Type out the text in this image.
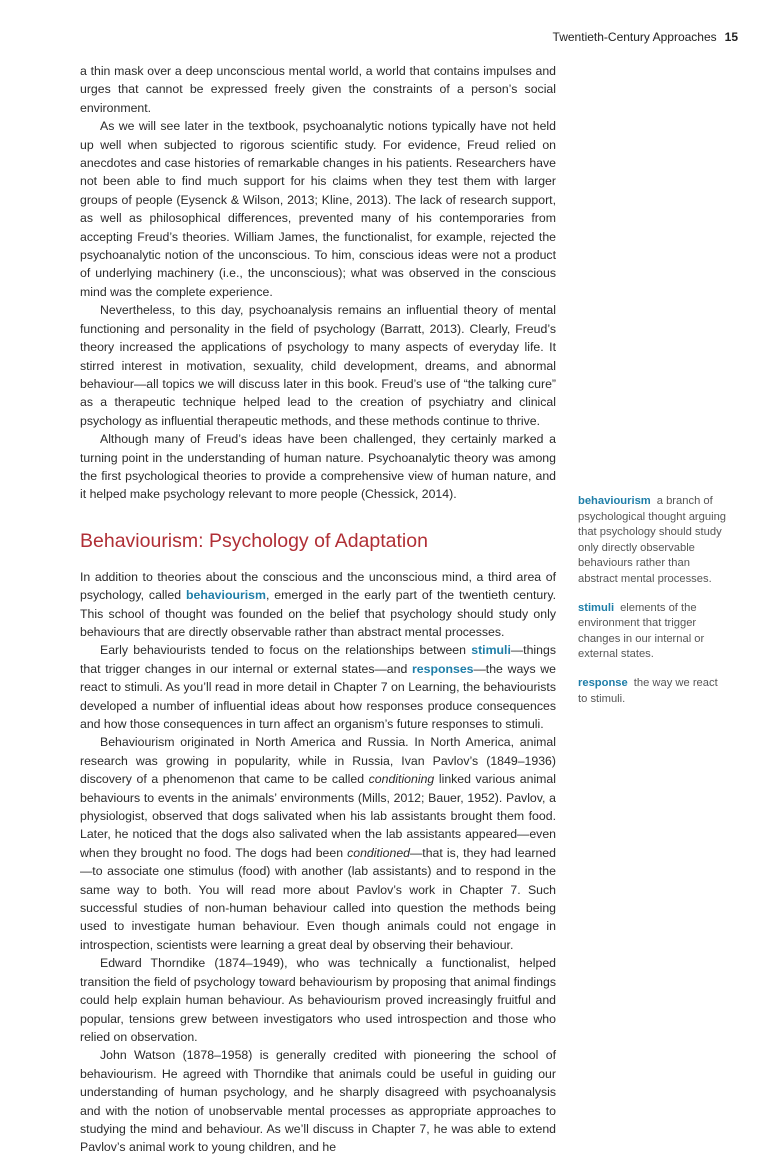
Twentieth-Century Approaches 15

a thin mask over a deep unconscious mental world, a world that contains impulses and urges that cannot be expressed freely given the constraints of a person’s social environment.

As we will see later in the textbook, psychoanalytic notions typically have not held up well when subjected to rigorous scientific study. For evidence, Freud relied on anecdotes and case histories of remarkable changes in his patients. Researchers have not been able to find much support for his claims when they test them with larger groups of people (Eysenck & Wilson, 2013; Kline, 2013). The lack of research support, as well as philosophical differences, prevented many of his contemporaries from accepting Freud’s theories. William James, the functionalist, for example, rejected the psychoanalytic notion of the unconscious. To him, conscious ideas were not a product of underlying machinery (i.e., the unconscious); what was observed in the conscious mind was the complete experience.

Nevertheless, to this day, psychoanalysis remains an influential theory of mental functioning and personality in the field of psychology (Barratt, 2013). Clearly, Freud’s theory increased the applications of psychology to many aspects of everyday life. It stirred interest in motivation, sexuality, child development, dreams, and abnormal behaviour—all topics we will discuss later in this book. Freud’s use of “the talking cure” as a therapeutic technique helped lead to the creation of psychiatry and clinical psychology as influential therapeutic methods, and these methods continue to thrive.

Although many of Freud’s ideas have been challenged, they certainly marked a turning point in the understanding of human nature. Psychoanalytic theory was among the first psychological theories to provide a comprehensive view of human nature, and it helped make psychology relevant to more people (Chessick, 2014).

Behaviourism: Psychology of Adaptation

In addition to theories about the conscious and the unconscious mind, a third area of psychology, called behaviourism, emerged in the early part of the twentieth century. This school of thought was founded on the belief that psychology should study only behaviours that are directly observable rather than abstract mental processes.

Early behaviourists tended to focus on the relationships between stimuli—things that trigger changes in our internal or external states—and responses—the ways we react to stimuli. As you’ll read in more detail in Chapter 7 on Learning, the behaviourists developed a number of influential ideas about how responses produce consequences and how those consequences in turn affect an organism’s future responses to stimuli.

Behaviourism originated in North America and Russia. In North America, animal research was growing in popularity, while in Russia, Ivan Pavlov’s (1849–1936) discovery of a phenomenon that came to be called conditioning linked various animal behaviours to events in the animals’ environments (Mills, 2012; Bauer, 1952). Pavlov, a physiologist, observed that dogs salivated when his lab assistants brought them food. Later, he noticed that the dogs also salivated when the lab assistants appeared—even when they brought no food. The dogs had been conditioned—that is, they had learned—to associate one stimulus (food) with another (lab assistants) and to respond in the same way to both. You will read more about Pavlov’s work in Chapter 7. Such successful studies of non-human behaviour called into question the methods being used to investigate human behaviour. Even though animals could not engage in introspection, scientists were learning a great deal by observing their behaviour.

Edward Thorndike (1874–1949), who was technically a functionalist, helped transition the field of psychology toward behaviourism by proposing that animal findings could help explain human behaviour. As behaviourism proved increasingly fruitful and popular, tensions grew between investigators who used introspection and those who relied on observation.

John Watson (1878–1958) is generally credited with pioneering the school of behaviourism. He agreed with Thorndike that animals could be useful in guiding our understanding of human psychology, and he sharply disagreed with psychoanalysis and with the notion of unobservable mental processes as appropriate approaches to studying the mind and behaviour. As we’ll discuss in Chapter 7, he was able to extend Pavlov’s animal work to young children, and he

behaviourism a branch of psychological thought arguing that psychology should study only directly observable behaviours rather than abstract mental processes.

stimuli elements of the environment that trigger changes in our internal or external states.

response the way we react to stimuli.
